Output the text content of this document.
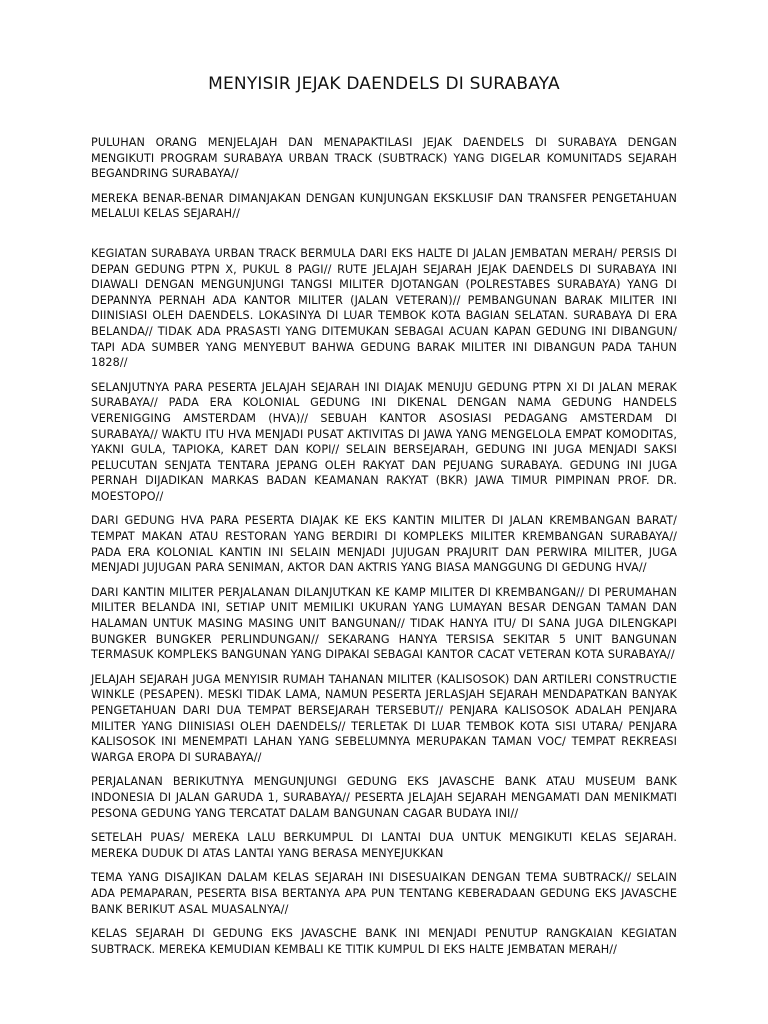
MENYISIR JEJAK DAENDELS DI SURABAYA

PULUHAN ORANG MENJELAJAH DAN MENAPAKTILASI JEJAK DAENDELS DI SURABAYA DENGAN MENGIKUTI PROGRAM SURABAYA URBAN TRACK (SUBTRACK) YANG DIGELAR KOMUNITADS SEJARAH BEGANDRING SURABAYA//

MEREKA BENAR-BENAR DIMANJAKAN DENGAN KUNJUNGAN EKSKLUSIF DAN TRANSFER PENGETAHUAN MELALUI KELAS SEJARAH//

KEGIATAN SURABAYA URBAN TRACK BERMULA DARI EKS HALTE DI JALAN JEMBATAN MERAH/ PERSIS DI DEPAN GEDUNG PTPN X, PUKUL 8 PAGI// RUTE JELAJAH SEJARAH JEJAK DAENDELS DI SURABAYA INI DIAWALI DENGAN MENGUNJUNGI TANGSI MILITER DJOTANGAN (POLRESTABES SURABAYA) YANG DI DEPANNYA PERNAH ADA KANTOR MILITER (JALAN VETERAN)// PEMBANGUNAN BARAK MILITER INI DIINISIASI OLEH DAENDELS. LOKASINYA DI LUAR TEMBOK KOTA BAGIAN SELATAN. SURABAYA DI ERA BELANDA// TIDAK ADA PRASASTI YANG DITEMUKAN SEBAGAI ACUAN KAPAN GEDUNG INI DIBANGUN/ TAPI ADA SUMBER YANG MENYEBUT BAHWA GEDUNG BARAK MILITER INI DIBANGUN PADA TAHUN 1828//

SELANJUTNYA PARA PESERTA JELAJAH SEJARAH INI DIAJAK MENUJU GEDUNG PTPN XI DI JALAN MERAK SURABAYA// PADA ERA KOLONIAL GEDUNG INI DIKENAL DENGAN NAMA GEDUNG HANDELS VERENIGGING AMSTERDAM (HVA)// SEBUAH KANTOR ASOSIASI PEDAGANG AMSTERDAM DI SURABAYA// WAKTU ITU HVA MENJADI PUSAT AKTIVITAS DI JAWA YANG MENGELOLA EMPAT KOMODITAS, YAKNI GULA, TAPIOKA, KARET DAN KOPI// SELAIN BERSEJARAH, GEDUNG INI JUGA MENJADI SAKSI PELUCUTAN SENJATA TENTARA JEPANG OLEH RAKYAT DAN PEJUANG SURABAYA. GEDUNG INI JUGA PERNAH DIJADIKAN MARKAS BADAN KEAMANAN RAKYAT (BKR) JAWA TIMUR PIMPINAN PROF. DR. MOESTOPO//

DARI GEDUNG HVA PARA PESERTA DIAJAK KE EKS KANTIN MILITER DI JALAN KREMBANGAN BARAT/ TEMPAT MAKAN ATAU RESTORAN YANG BERDIRI DI KOMPLEKS MILITER KREMBANGAN SURABAYA// PADA ERA KOLONIAL KANTIN INI SELAIN MENJADI JUJUGAN PRAJURIT DAN PERWIRA MILITER, JUGA MENJADI JUJUGAN PARA SENIMAN, AKTOR DAN AKTRIS YANG BIASA MANGGUNG DI GEDUNG HVA//

DARI KANTIN MILITER PERJALANAN DILANJUTKAN KE KAMP MILITER DI KREMBANGAN// DI PERUMAHAN MILITER BELANDA INI, SETIAP UNIT MEMILIKI UKURAN YANG LUMAYAN BESAR DENGAN TAMAN DAN HALAMAN UNTUK MASING MASING UNIT BANGUNAN// TIDAK HANYA ITU/ DI SANA JUGA DILENGKAPI BUNGKER BUNGKER PERLINDUNGAN// SEKARANG HANYA TERSISA SEKITAR 5 UNIT BANGUNAN TERMASUK KOMPLEKS BANGUNAN YANG DIPAKAI SEBAGAI KANTOR CACAT VETERAN KOTA SURABAYA//

JELAJAH SEJARAH JUGA MENYISIR RUMAH TAHANAN MILITER (KALISOSOK) DAN ARTILERI CONSTRUCTIE WINKLE (PESAPEN). MESKI TIDAK LAMA, NAMUN PESERTA JERLASJAH SEJARAH MENDAPATKAN BANYAK PENGETAHUAN DARI DUA TEMPAT BERSEJARAH TERSEBUT// PENJARA KALISOSOK ADALAH PENJARA MILITER YANG DIINISIASI OLEH DAENDELS// TERLETAK DI LUAR TEMBOK KOTA SISI UTARA/ PENJARA KALISOSOK INI MENEMPATI LAHAN YANG SEBELUMNYA MERUPAKAN TAMAN VOC/ TEMPAT REKREASI WARGA EROPA DI SURABAYA//

PERJALANAN BERIKUTNYA MENGUNJUNGI GEDUNG EKS JAVASCHE BANK ATAU MUSEUM BANK INDONESIA DI JALAN GARUDA 1, SURABAYA// PESERTA JELAJAH SEJARAH MENGAMATI DAN MENIKMATI PESONA GEDUNG YANG TERCATAT DALAM BANGUNAN CAGAR BUDAYA INI//

SETELAH PUAS/ MEREKA LALU BERKUMPUL DI LANTAI DUA UNTUK MENGIKUTI KELAS SEJARAH. MEREKA DUDUK DI ATAS LANTAI YANG BERASA MENYEJUKKAN

TEMA YANG DISAJIKAN DALAM KELAS SEJARAH INI DISESUAIKAN DENGAN TEMA SUBTRACK// SELAIN ADA PEMAPARAN, PESERTA BISA BERTANYA APA PUN TENTANG KEBERADAAN GEDUNG EKS JAVASCHE BANK BERIKUT ASAL MUASALNYA//

KELAS SEJARAH DI GEDUNG EKS JAVASCHE BANK INI MENJADI PENUTUP RANGKAIAN KEGIATAN SUBTRACK. MEREKA KEMUDIAN KEMBALI KE TITIK KUMPUL DI EKS HALTE JEMBATAN MERAH//
